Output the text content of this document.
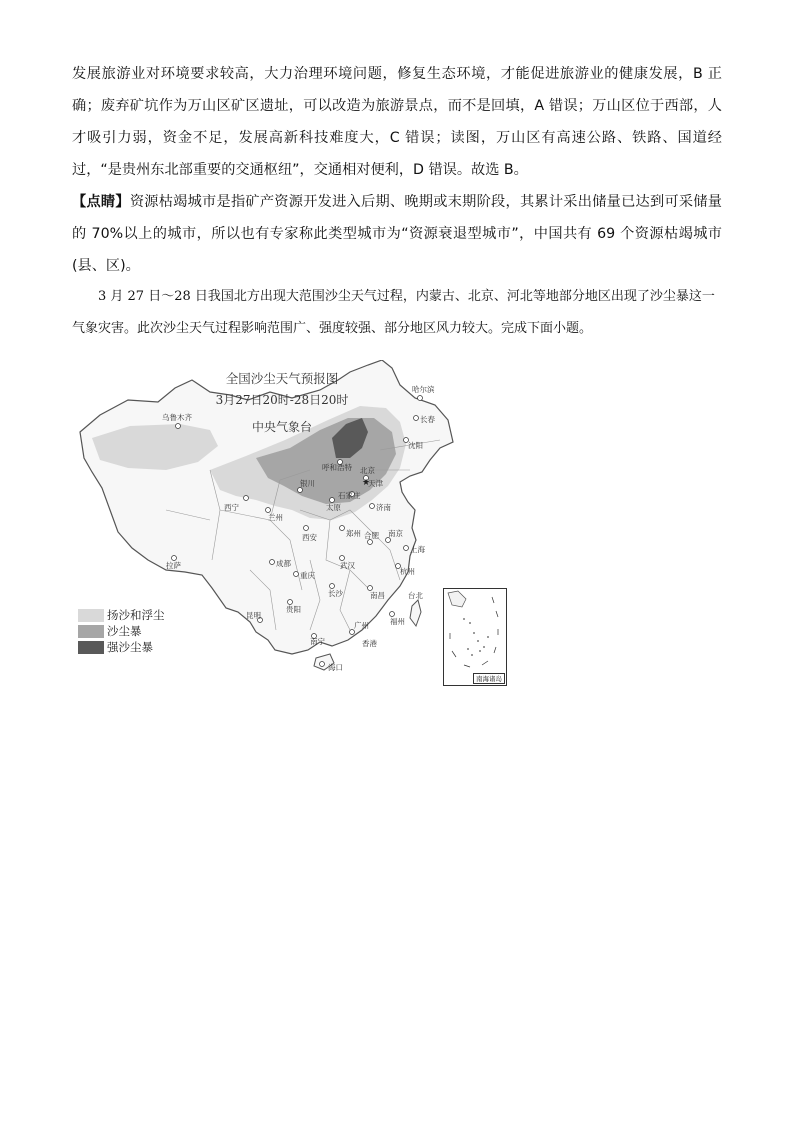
发展旅游业对环境要求较高，大力治理环境问题，修复生态环境，才能促进旅游业的健康发展，B 正确；废弃矿坑作为万山区矿区遗址，可以改造为旅游景点，而不是回填，A 错误；万山区位于西部，人才吸引力弱，资金不足，发展高新科技难度大，C 错误；读图，万山区有高速公路、铁路、国道经过，“是贵州东北部重要的交通枢纽”，交通相对便利，D 错误。故选 B。

【点睛】资源枯竭城市是指矿产资源开发进入后期、晚期或末期阶段，其累计采出储量已达到可采储量的 70%以上的城市，所以也有专家称此类型城市为“资源衰退型城市”，中国共有 69 个资源枯竭城市(县、区)。

3 月 27 日～28 日我国北方出现大范围沙尘天气过程，内蒙古、北京、河北等地部分地区出现了沙尘暴这一气象灾害。此次沙尘天气过程影响范围广、强度较强、部分地区风力较大。完成下面小题。

全国沙尘天气预报图
3月27日20时-28日20时
中央气象台
★
乌鲁木齐
哈尔滨
长春
沈阳
呼和浩特 北京
天津
银川
石家庄
太原	济南
西宁
兰州
西安	郑州 合肥 南京
上海
拉萨	成都
重庆
武汉
杭州
长沙	南昌
福州
台北
贵阳
昆明
南宁
广州
香港
海口
扬沙和浮尘
沙尘暴
强沙尘暴
南海诸岛
